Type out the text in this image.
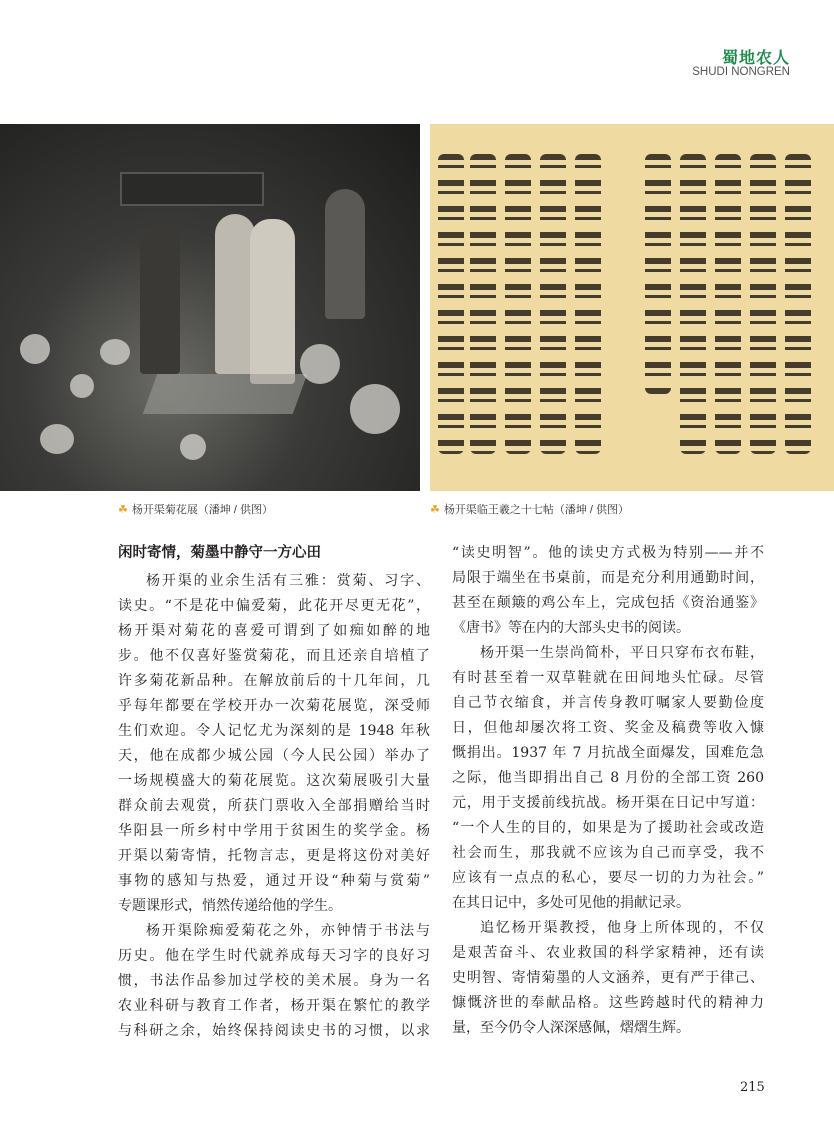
蜀地农人
SHUDI NONGREN
☘ 杨开渠菊花展（潘坤 / 供图）	☘ 杨开渠临王羲之十七帖（潘坤 / 供图）
闲时寄情，菊墨中静守一方心田
杨开渠的业余生活有三雅：赏菊、习字、
读史。“不是花中偏爱菊，此花开尽更无花”，
杨开渠对菊花的喜爱可谓到了如痴如醉的地
步。他不仅喜好鉴赏菊花，而且还亲自培植了
许多菊花新品种。在解放前后的十几年间，几
乎每年都要在学校开办一次菊花展览，深受师
生们欢迎。令人记忆尤为深刻的是 1948 年秋
天，他在成都少城公园（今人民公园）举办了
一场规模盛大的菊花展览。这次菊展吸引大量
群众前去观赏，所获门票收入全部捐赠给当时
华阳县一所乡村中学用于贫困生的奖学金。杨
开渠以菊寄情，托物言志，更是将这份对美好
事物的感知与热爱，通过开设“种菊与赏菊”
专题课形式，悄然传递给他的学生。
杨开渠除痴爱菊花之外，亦钟情于书法与
历史。他在学生时代就养成每天习字的良好习
惯，书法作品参加过学校的美术展。身为一名
农业科研与教育工作者，杨开渠在繁忙的教学
与科研之余，始终保持阅读史书的习惯，以求
“读史明智”。他的读史方式极为特别——并不
局限于端坐在书桌前，而是充分利用通勤时间，
甚至在颠簸的鸡公车上，完成包括《资治通鉴》
《唐书》等在内的大部头史书的阅读。
杨开渠一生崇尚简朴，平日只穿布衣布鞋，
有时甚至着一双草鞋就在田间地头忙碌。尽管
自己节衣缩食，并言传身教叮嘱家人要勤俭度
日，但他却屡次将工资、奖金及稿费等收入慷
慨捐出。1937 年 7 月抗战全面爆发，国难危急
之际，他当即捐出自己 8 月份的全部工资 260
元，用于支援前线抗战。杨开渠在日记中写道：
“一个人生的目的，如果是为了援助社会或改造
社会而生，那我就不应该为自己而享受，我不
应该有一点点的私心，要尽一切的力为社会。”
在其日记中，多处可见他的捐献记录。
追忆杨开渠教授，他身上所体现的，不仅
是艰苦奋斗、农业救国的科学家精神，还有读
史明智、寄情菊墨的人文涵养，更有严于律己、
慷慨济世的奉献品格。这些跨越时代的精神力
量，至今仍令人深深感佩，熠熠生辉。
215
